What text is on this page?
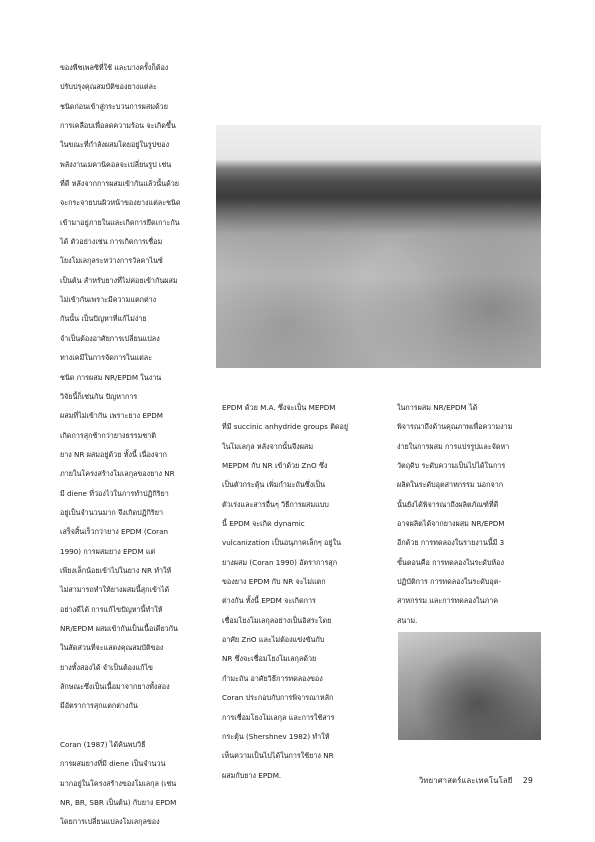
ของพืชเพลซิที่ใช้ และบางครั้งก็ต้อง
ปรับปรุงคุณสมบัติของยางแต่ละ
ชนิดก่อนเข้าสู่กระบวนการผสมด้วย
การเคลือบเพื่อลดความร้อน จะเกิดขึ้น
ในขณะที่กำลังผสมโดยอยู่ในรูปของ
พลังงานเมคานิคอลจะเปลี่ยนรูป เช่น
ที่ดี หลังจากการผสมเข้ากันแล้วนั้นด้วย
จะกระจายบนผิวหน้าของยางแต่ละชนิด
เข้ามาอยู่ภายในและเกิดการยึดเกาะกัน
ได้ ตัวอย่างเช่น การเกิดการเชื่อม
โยงโมเลกุลระหว่างการวัลคาไนซ์
เป็นต้น สำหรับยางที่ไม่ค่อยเข้ากันผสม
ไม่เข้ากันเพราะมีความแตกต่าง
กันนั้น เป็นปัญหาที่แก้ไม่ง่าย
จำเป็นต้องอาศัยการเปลี่ยนแปลง
ทางเคมีในการจัดการในแต่ละ
ชนิด การผสม NR/EPDM ในงาน
วิจัยนี้ก็เช่นกัน ปัญหาการ
ผสมที่ไม่เข้ากัน เพราะยาง EPDM
เกิดการสุกช้ากว่ายางธรรมชาติ
ยาง NR ผสมอยู่ด้วย ทั้งนี้ เนื่องจาก
ภายในโครงสร้างโมเลกุลของยาง NR
มี diene ที่ว่องไวในการทำปฏิกิริยา
อยู่เป็นจำนวนมาก จึงเกิดปฏิกิริยา
เสร็จสิ้นเร็วกว่ายาง EPDM (Coran
1990) การผสมยาง EPDM แต่
เพียงเล็กน้อยเข้าไปในยาง NR ทำให้
ไม่สามารถทำให้ยางผสมนี้สุกเข้าได้
อย่างดีได้ การแก้ไขปัญหานี้ทำให้
NR/EPDM ผสมเข้ากันเป็นเนื้อเดียวกัน
ในสัดส่วนที่จะแสดงคุณสมบัติของ
ยางทั้งสองได้ จำเป็นต้องแก้ไข
ลักษณะซึ่งเป็นเนื้อมาจากยางทั้งสอง
มีอัตราการสุกแตกต่างกัน

Coran (1987) ได้ค้นพบวิธี
การผสมยางที่มี diene เป็นจำนวน
มากอยู่ในโครงสร้างของโมเลกุล (เช่น
NR, BR, SBR เป็นต้น) กับยาง EPDM
โดยการเปลี่ยนแปลงโมเลกุลของ

EPDM ด้วย M.A. ซึ่งจะเป็น MEPDM
ที่มี succinic anhydride groups ติดอยู่
ในโมเลกุล หลังจากนั้นจึงผสม
MEPDM กับ NR เข้าด้วย ZnO ซึ่ง
เป็นตัวกระตุ้น เพิ่มกำมะถันซึ่งเป็น
ตัวเร่งและสารอื่นๆ วิธีการผสมแบบ
นี้ EPDM จะเกิด dynamic
vulcanization เป็นอนุภาคเล็กๆ อยู่ใน
ยางผสม (Coran 1990) อัตราการสุก
ของยาง EPDM กับ NR จะไม่แตก
ต่างกัน ทั้งนี้ EPDM จะเกิดการ
เชื่อมโยงโมเลกุลอย่างเป็นอิสระโดย
อาศัย ZnO และไม่ต้องแข่งขันกับ
NR ซึ่งจะเชื่อมโยงโมเลกุลด้วย
กำมะถัน อาศัยวิธีการทดลองของ
Coran ประกอบกับการพิจารณาหลัก
การเชื่อมโยงโมเลกุล และการใช้สาร
กระตุ้น (Shershnev 1982) ทำให้
เห็นความเป็นไปได้ในการใช้ยาง NR
ผสมกับยาง EPDM.

ในการผสม NR/EPDM ได้
พิจารณาถึงด้านคุณภาพเพื่อความงาม
ง่ายในการผสม การแปรรูปและจัดหา
วัตถุดิบ ระดับความเป็นไปได้ในการ
ผลิตในระดับอุตสาหกรรม นอกจาก
นั้นยังได้พิจารณาถึงผลิตภัณฑ์ที่ดี
อาจผลิตได้จากยางผสม NR/EPDM
อีกด้วย การทดลองในรายงานนี้มี 3
ขั้นตอนคือ การทดลองในระดับห้อง
ปฏิบัติการ การทดลองในระดับอุต-
สาหกรรม และการทดลองในภาค
สนาม.

วิทยาศาสตร์และเทคโนโลยี 29
